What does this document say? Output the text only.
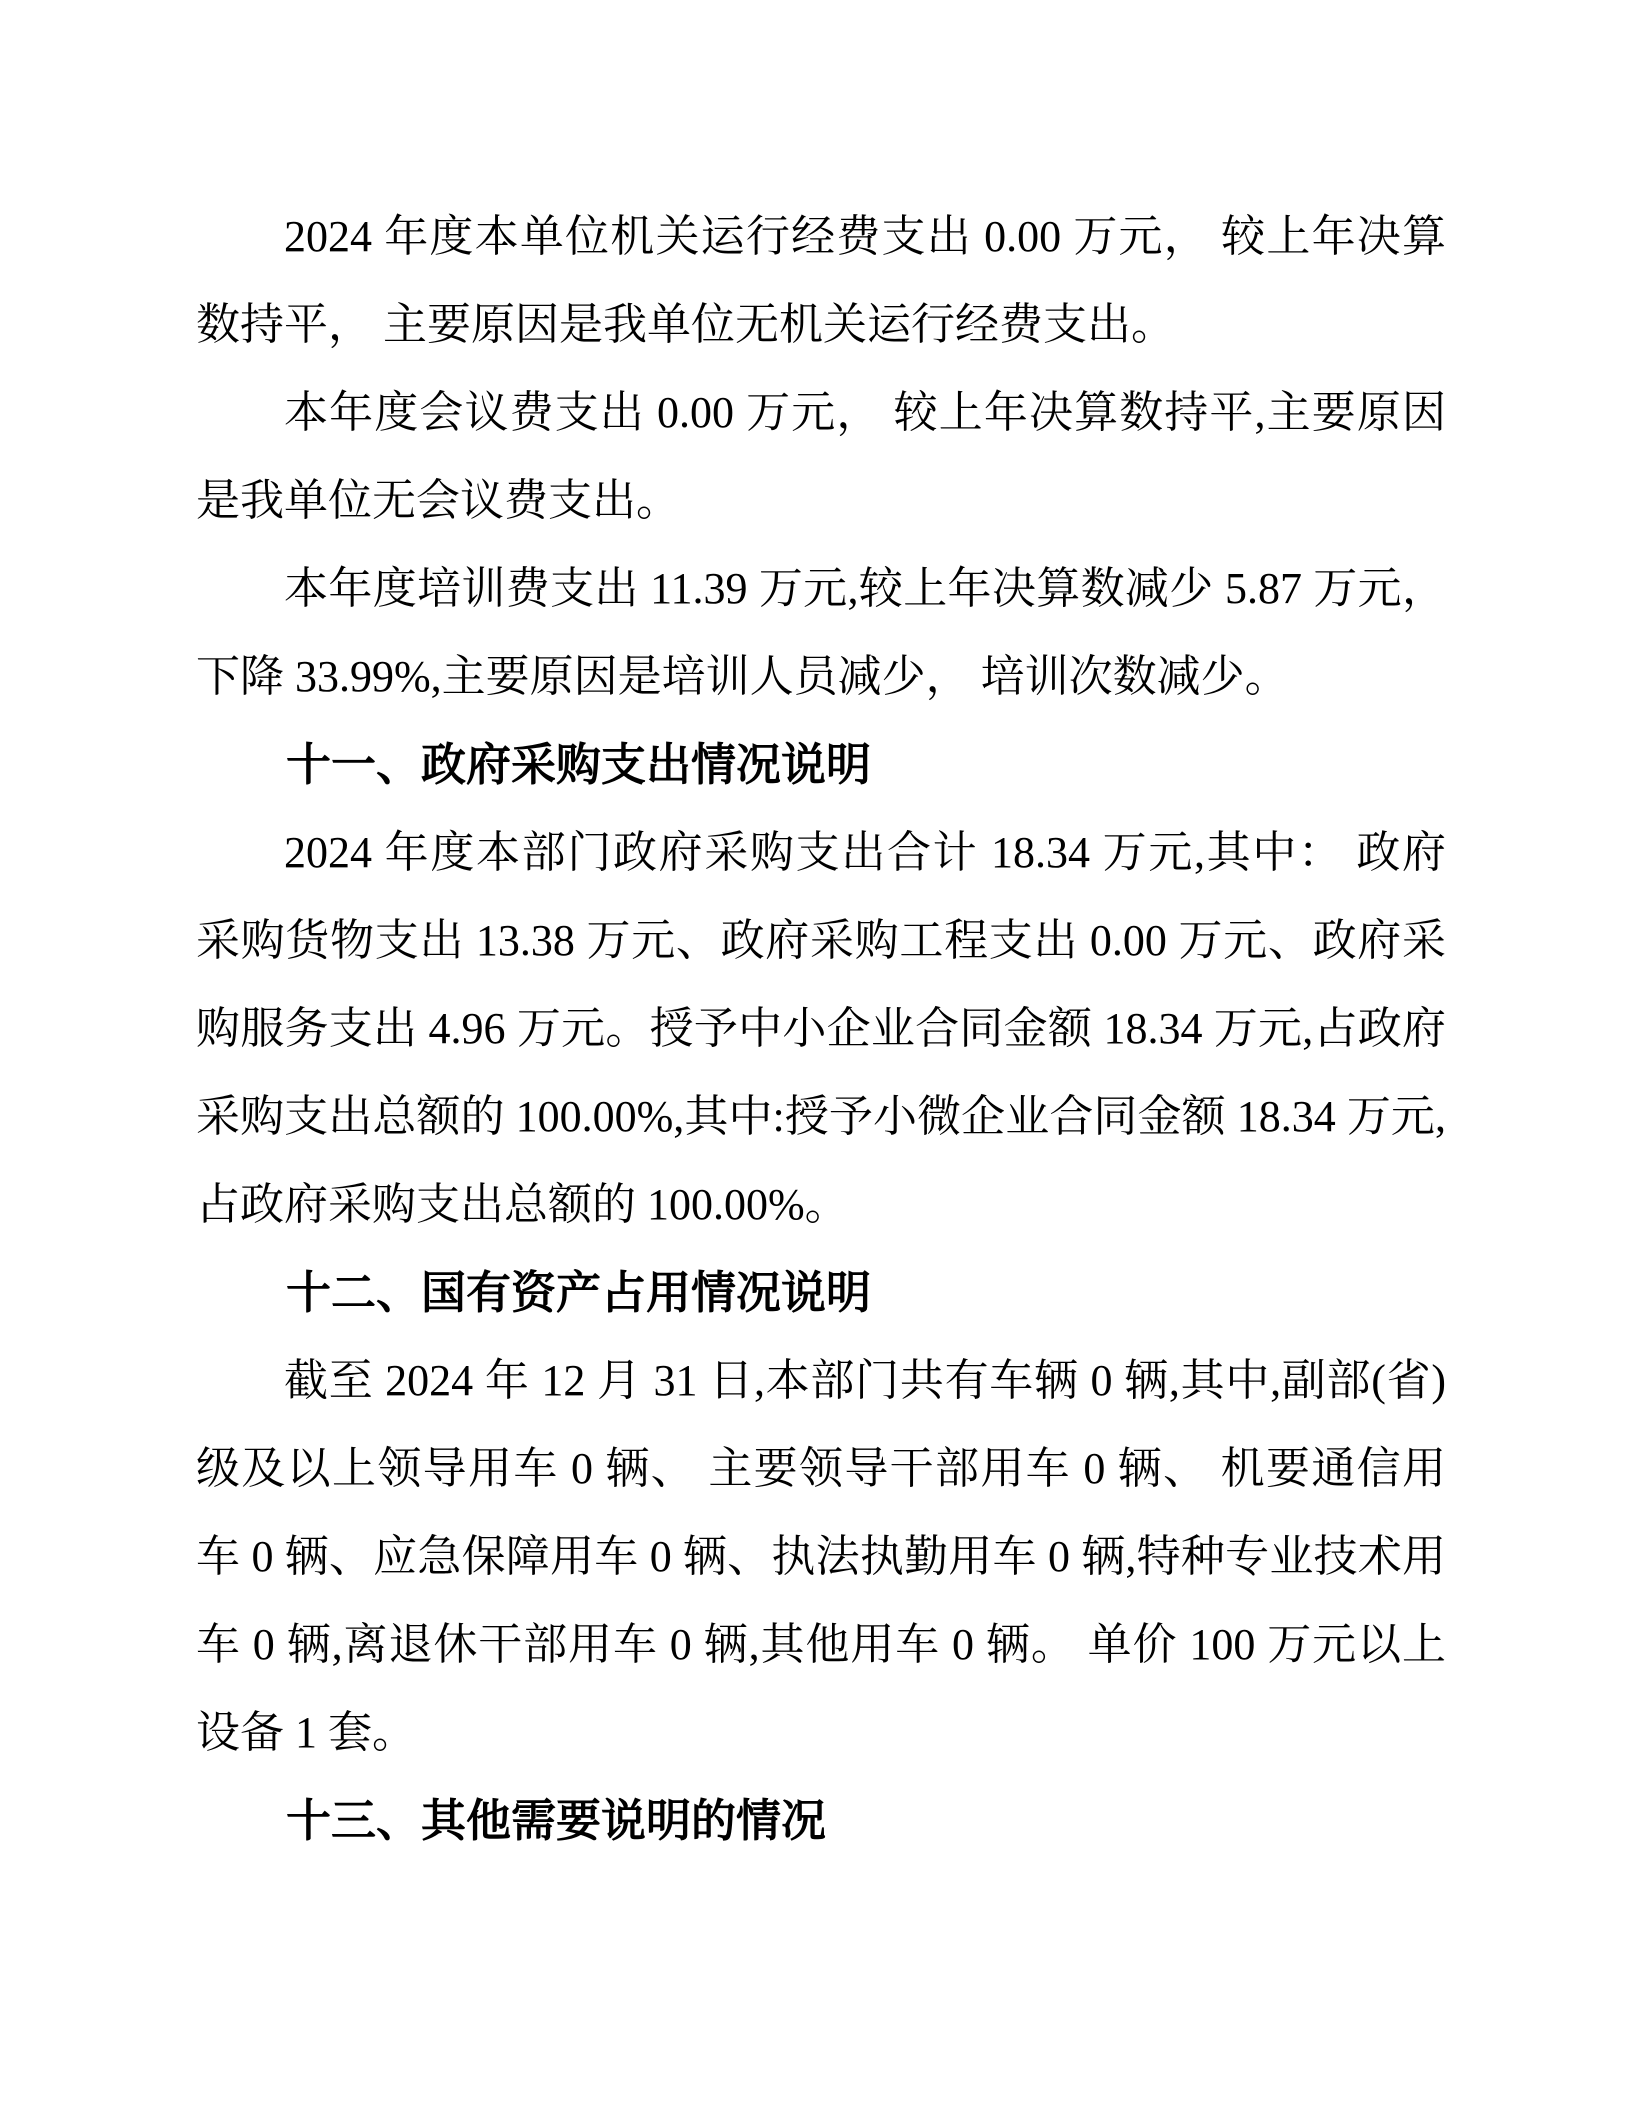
2024 年度本单位机关运行经费支出 0.00 万元， 较上年决算数持平， 主要原因是我单位无机关运行经费支出。

本年度会议费支出 0.00 万元， 较上年决算数持平,主要原因是我单位无会议费支出。

本年度培训费支出 11.39 万元,较上年决算数减少 5.87 万元， 下降 33.99%,主要原因是培训人员减少， 培训次数减少。

十一、政府采购支出情况说明

2024 年度本部门政府采购支出合计 18.34 万元,其中： 政府采购货物支出 13.38 万元、政府采购工程支出 0.00 万元、政府采购服务支出 4.96 万元。授予中小企业合同金额 18.34 万元,占政府采购支出总额的 100.00%,其中:授予小微企业合同金额 18.34 万元,占政府采购支出总额的 100.00%。

十二、国有资产占用情况说明

截至 2024 年 12 月 31 日,本部门共有车辆 0 辆,其中,副部(省)级及以上领导用车 0 辆、 主要领导干部用车 0 辆、 机要通信用车 0 辆、应急保障用车 0 辆、执法执勤用车 0 辆,特种专业技术用车 0 辆,离退休干部用车 0 辆,其他用车 0 辆。 单价 100 万元以上设备 1 套。

十三、其他需要说明的情况
